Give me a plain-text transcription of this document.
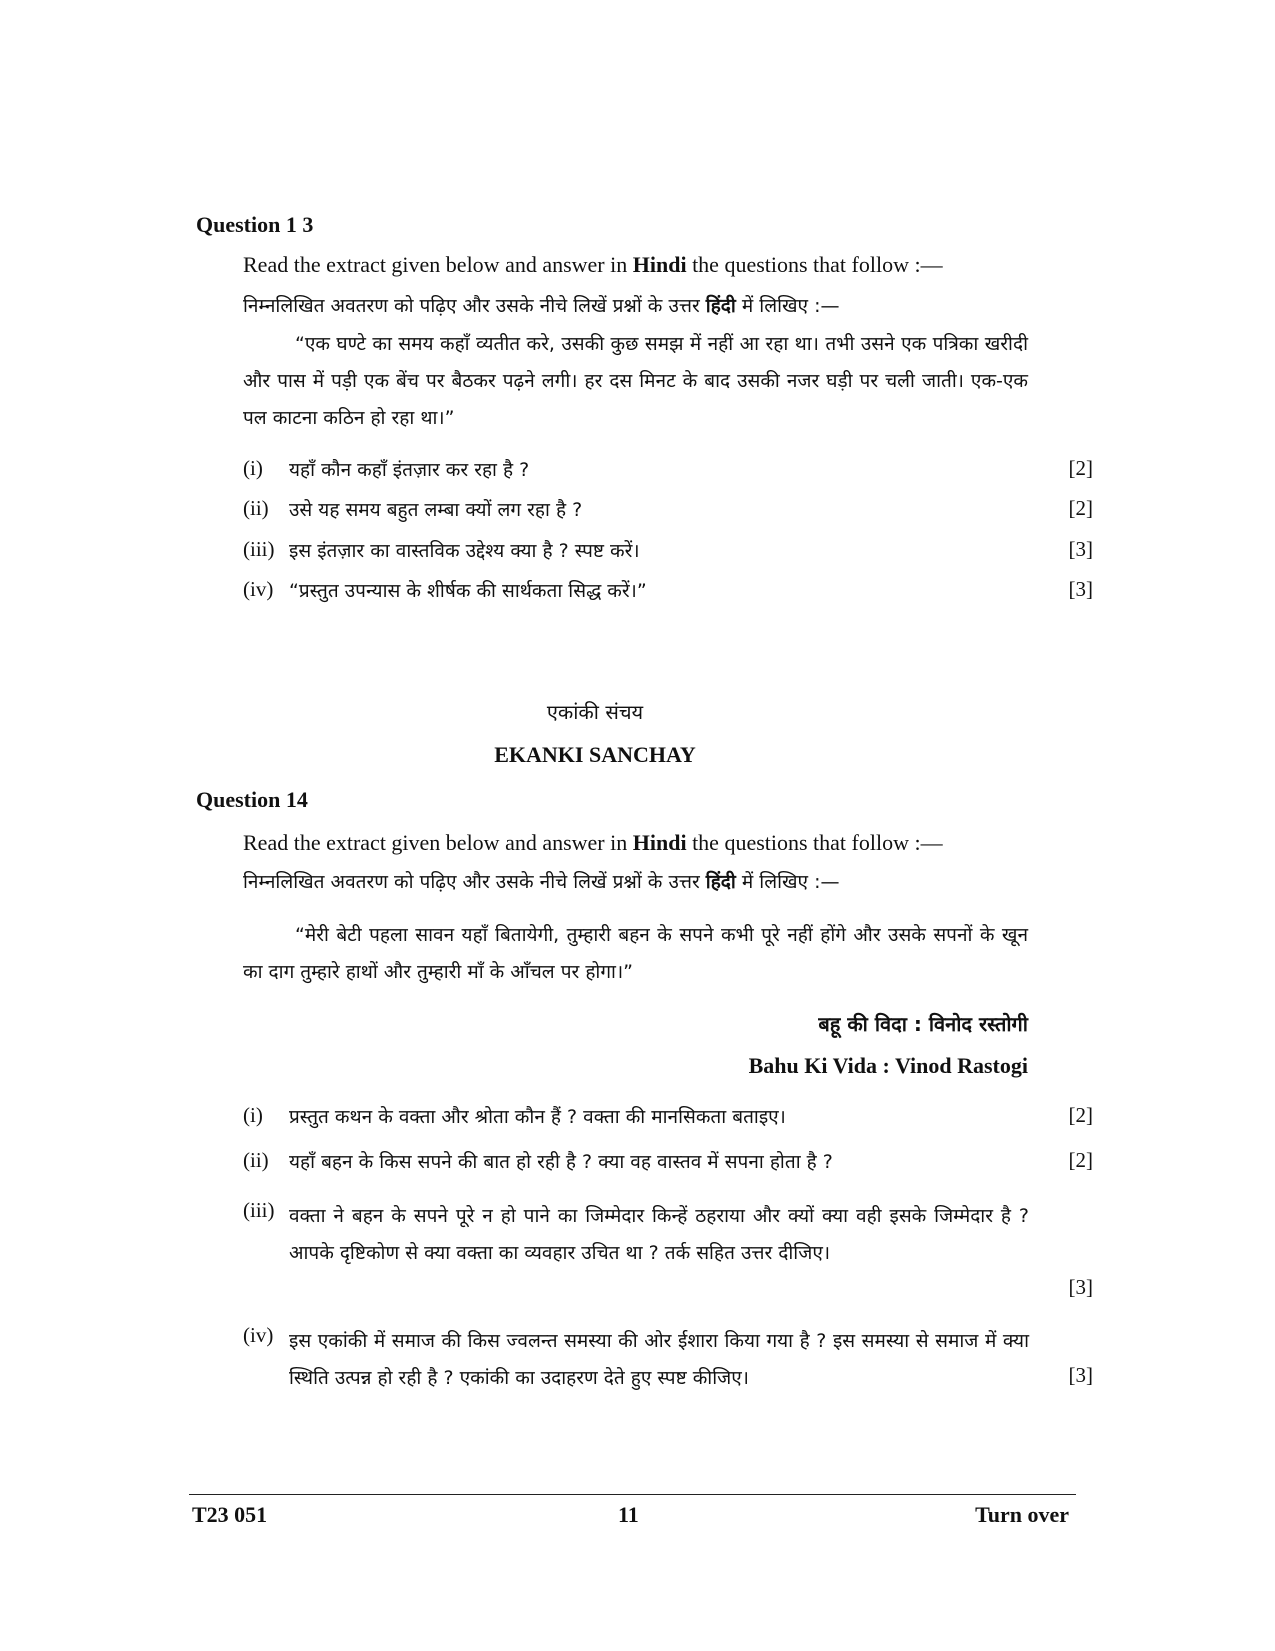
Question 1 3
Read the extract given below and answer in Hindi the questions that follow :—
निम्नलिखित अवतरण को पढ़िए और उसके नीचे लिखें प्रश्नों के उत्तर हिंदी में लिखिए :—

“एक घण्टे का समय कहाँ व्यतीत करे, उसकी कुछ समझ में नहीं आ रहा था। तभी उसने एक पत्रिका खरीदी और पास में पड़ी एक बेंच पर बैठकर पढ़ने लगी। हर दस मिनट के बाद उसकी नजर घड़ी पर चली जाती। एक-एक पल काटना कठिन हो रहा था।”

(i) यहाँ कौन कहाँ इंतज़ार कर रहा है ?	[2]
(ii) उसे यह समय बहुत लम्बा क्यों लग रहा है ?	[2]
(iii) इस इंतज़ार का वास्तविक उद्देश्य क्या है ? स्पष्ट करें।	[3]
(iv) “प्रस्तुत उपन्यास के शीर्षक की सार्थकता सिद्ध करें।”	[3]
एकांकी संचय
EKANKI SANCHAY
Question 14
Read the extract given below and answer in Hindi the questions that follow :—
निम्नलिखित अवतरण को पढ़िए और उसके नीचे लिखें प्रश्नों के उत्तर हिंदी में लिखिए :—

“मेरी बेटी पहला सावन यहाँ बितायेगी, तुम्हारी बहन के सपने कभी पूरे नहीं होंगे और उसके सपनों के खून का दाग तुम्हारे हाथों और तुम्हारी माँ के आँचल पर होगा।”

बहू की विदा : विनोद रस्तोगी
Bahu Ki Vida : Vinod Rastogi
(i) प्रस्तुत कथन के वक्ता और श्रोता कौन हैं ? वक्ता की मानसिकता बताइए।	[2]
(ii) यहाँ बहन के किस सपने की बात हो रही है ? क्या वह वास्तव में सपना होता है ?	[2]
(iii) वक्ता ने बहन के सपने पूरे न हो पाने का जिम्मेदार किन्हें ठहराया और क्यों क्या वही इसके जिम्मेदार है ? आपके दृष्टिकोण से क्या वक्ता का व्यवहार उचित था ? तर्क सहित उत्तर दीजिए।
[3]
(iv) इस एकांकी में समाज की किस ज्वलन्त समस्या की ओर ईशारा किया गया है ? इस समस्या से समाज में क्या स्थिति उत्पन्न हो रही है ? एकांकी का उदाहरण देते हुए स्पष्ट कीजिए।	[3]
T23 051	11	Turn over
